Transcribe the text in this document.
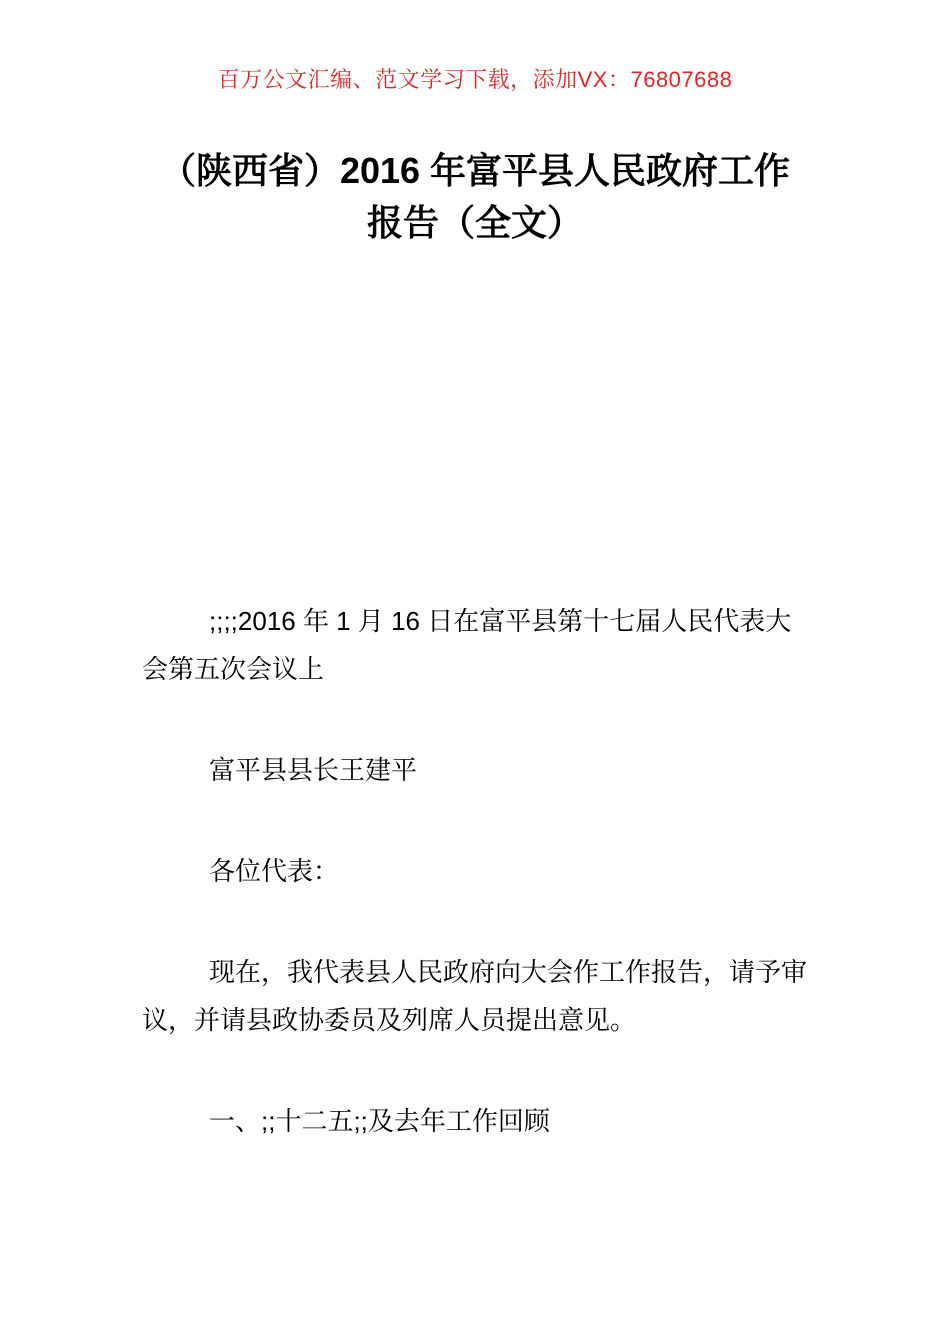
百万公文汇编、范文学习下载，添加VX：76807688
（陕西省）2016 年富平县人民政府工作报告（全文）

;;;;2016 年 1 月 16 日在富平县第十七届人民代表大会第五次会议上

富平县县长王建平

各位代表：

现在，我代表县人民政府向大会作工作报告，请予审议，并请县政协委员及列席人员提出意见。

一、;;十二五;;及去年工作回顾
